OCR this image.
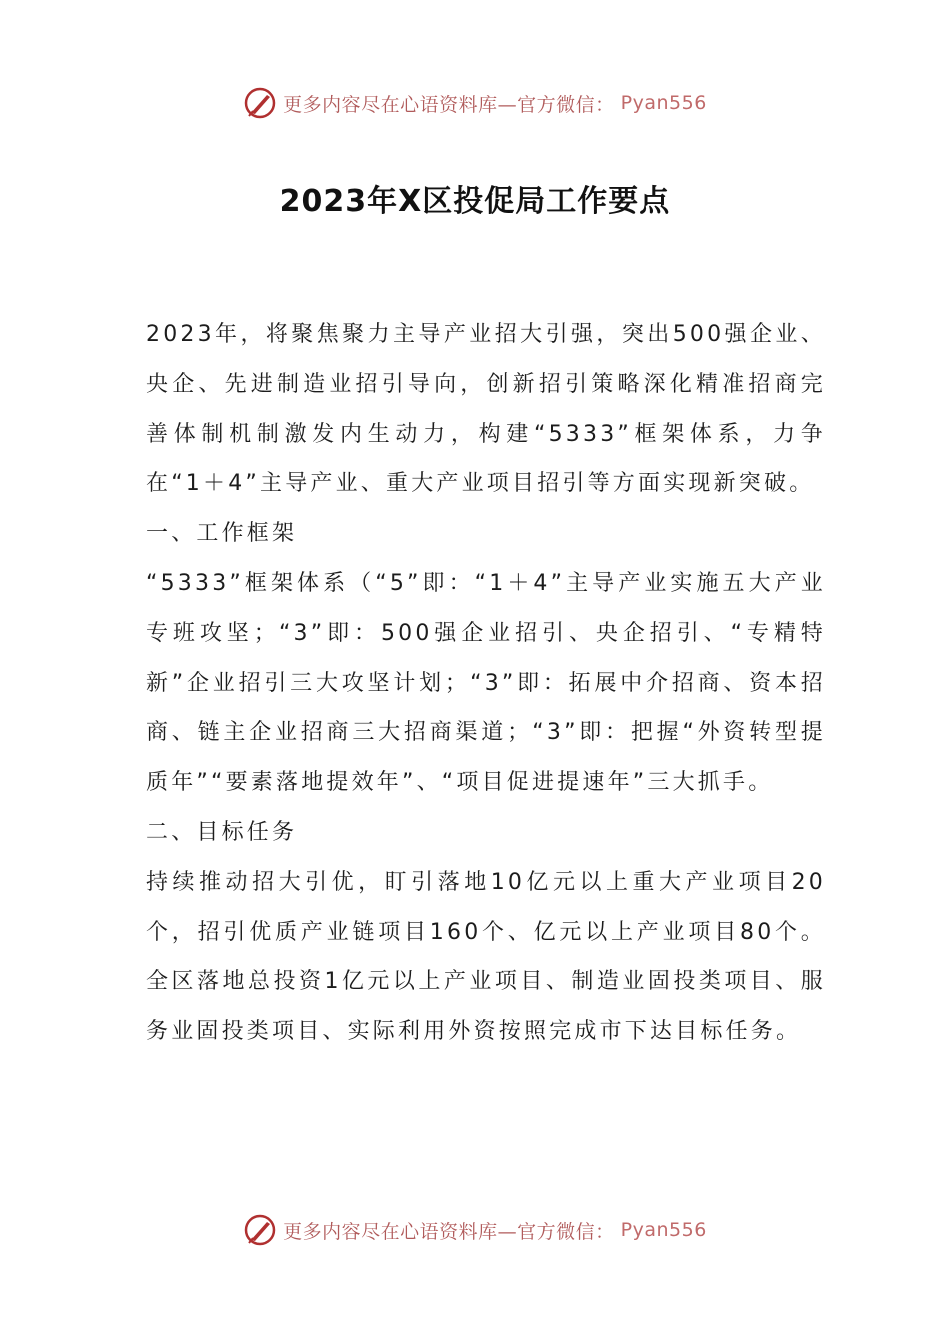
更多内容尽在心语资料库—官方微信： Pyan556
2023年X区投促局工作要点

2023年，将聚焦聚力主导产业招大引强，突出500强企业、央企、先进制造业招引导向，创新招引策略深化精准招商完善体制机制激发内生动力，构建“5333”框架体系，力争在“1＋4”主导产业、重大产业项目招引等方面实现新突破。

一、工作框架

“5333”框架体系（“5”即：“1＋4”主导产业实施五大产业专班攻坚；“3”即：500强企业招引、央企招引、“专精特新”企业招引三大攻坚计划；“3”即：拓展中介招商、资本招商、链主企业招商三大招商渠道；“3”即：把握“外资转型提质年”“要素落地提效年”、“项目促进提速年”三大抓手。

二、目标任务

持续推动招大引优，盯引落地10亿元以上重大产业项目20个，招引优质产业链项目160个、亿元以上产业项目80个。全区落地总投资1亿元以上产业项目、制造业固投类项目、服务业固投类项目、实际利用外资按照完成市下达目标任务。

更多内容尽在心语资料库—官方微信： Pyan556
